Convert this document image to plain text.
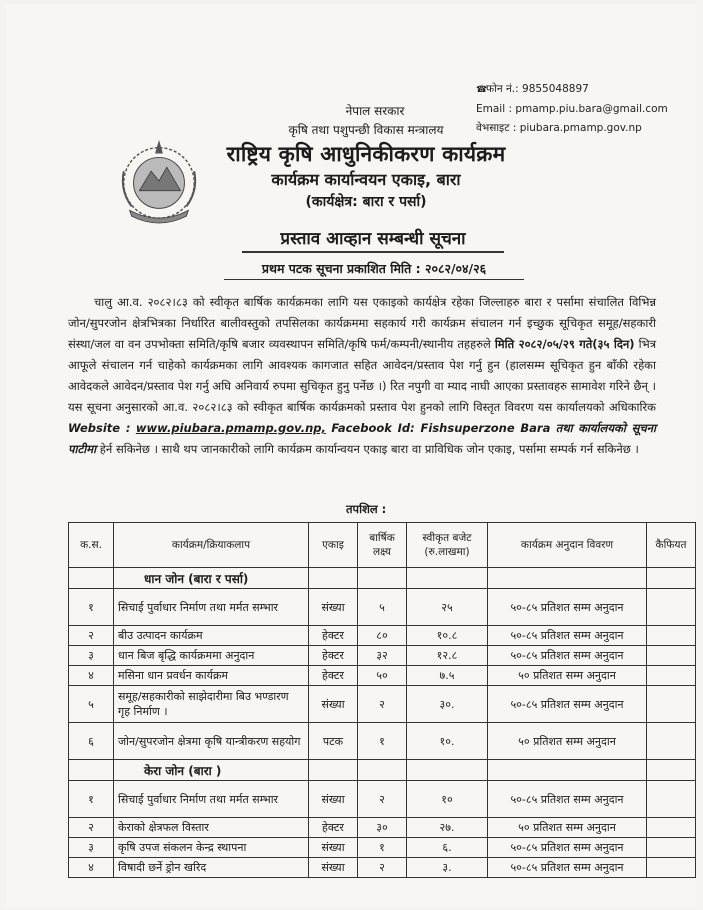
☎फोन नं.: 9855048897
Email : pmamp.piu.bara@gmail.com
वेभसाइट : piubara.pmamp.gov.np
नेपाल सरकार
कृषि तथा पशुपन्छी विकास मन्त्रालय
राष्ट्रिय कृषि आधुनिकीकरण कार्यक्रम
कार्यक्रम कार्यान्वयन एकाइ, बारा
(कार्यक्षेत्र: बारा र पर्सा)
प्रस्ताव आव्हान सम्बन्धी सूचना
प्रथम पटक सूचना प्रकाशित मिति : २०८२/०४/२६
चालु आ.व. २०८२।८३ को स्वीकृत बार्षिक कार्यक्रमका लागि यस एकाइको कार्यक्षेत्र रहेका जिल्लाहरु बारा र पर्सामा संचालित विभिन्न जोन/सुपरजोन क्षेत्रभित्रका निर्धारित बालीवस्तुको तपसिलका कार्यक्रममा सहकार्य गरी कार्यक्रम संचालन गर्न इच्छुक सूचिकृत समूह/सहकारी संस्था/जल वा वन उपभोक्ता समिति/कृषि बजार व्यवस्थापन समिति/कृषि फर्म/कम्पनी/स्थानीय तहहरुले मिति २०८२/०५/२९ गते(३५ दिन) भित्र आफूले संचालन गर्न चाहेको कार्यक्रमका लागि आवश्यक कागजात सहित आवेदन/प्रस्ताव पेश गर्नु हुन (हालसम्म सूचिकृत हुन बाँकी रहेका आवेदकले आवेदन/प्रस्ताव पेश गर्नु अघि अनिवार्य रुपमा सुचिकृत हुनु पर्नेछ ।) रित नपुगी वा म्याद नाघी आएका प्रस्तावहरु सामावेश गरिने छैन् । यस सूचना अनुसारको आ.व. २०८२।८३ को स्वीकृत बार्षिक कार्यक्रमको प्रस्ताव पेश हुनको लागि विस्तृत विवरण यस कार्यालयको अधिकारिक Website : www.piubara.pmamp.gov.np, Facebook Id: Fishsuperzone Bara तथा कार्यालयको सूचना पाटीमा हेर्न सकिनेछ । साथै थप जानकारीको लागि कार्यक्रम कार्यान्वयन एकाइ बारा वा प्राविधिक जोन एकाइ, पर्सामा सम्पर्क गर्न सकिनेछ ।
तपशिल :
क.स.	कार्यक्रम/क्रियाकलाप	एकाइ	बार्षिक लक्ष्य	स्वीकृत बजेट (रु.लाखमा)	कार्यक्रम अनुदान विवरण	कैफियत
	धान जोन (बारा र पर्सा)					
१	सिचाई पुर्वाधार निर्माण तथा मर्मत सम्भार	संख्या	५	२५	५०-८५ प्रतिशत सम्म अनुदान	
२	बीउ उत्पादन कार्यक्रम	हेक्टर	८०	१०.८	५०-८५ प्रतिशत सम्म अनुदान	
३	धान बिज बृद्धि कार्यक्रममा अनुदान	हेक्टर	३२	१२.८	५०-८५ प्रतिशत सम्म अनुदान	
४	मसिना धान प्रवर्धन कार्यक्रम	हेक्टर	५०	७.५	५० प्रतिशत सम्म अनुदान	
५	समूह/सहकारीको साझेदारीमा बिउ भण्डारण गृह निर्माण ।	संख्या	२	३०.	५०-८५ प्रतिशत सम्म अनुदान	
६	जोन/सुपरजोन क्षेत्रमा कृषि यान्त्रीकरण सहयोग	पटक	१	१०.	५० प्रतिशत सम्म अनुदान	
	केरा जोन (बारा )					
१	सिचाई पुर्वाधार निर्माण तथा मर्मत सम्भार	संख्या	२	१०	५०-८५ प्रतिशत सम्म अनुदान	
२	केराको क्षेत्रफल विस्तार	हेक्टर	३०	२७.	५० प्रतिशत सम्म अनुदान	
३	कृषि उपज संकलन केन्द्र स्थापना	संख्या	१	६.	५०-८५ प्रतिशत सम्म अनुदान	
४	विषादी छर्ने ड्रोन खरिद	संख्या	२	३.	५०-८५ प्रतिशत सम्म अनुदान	
